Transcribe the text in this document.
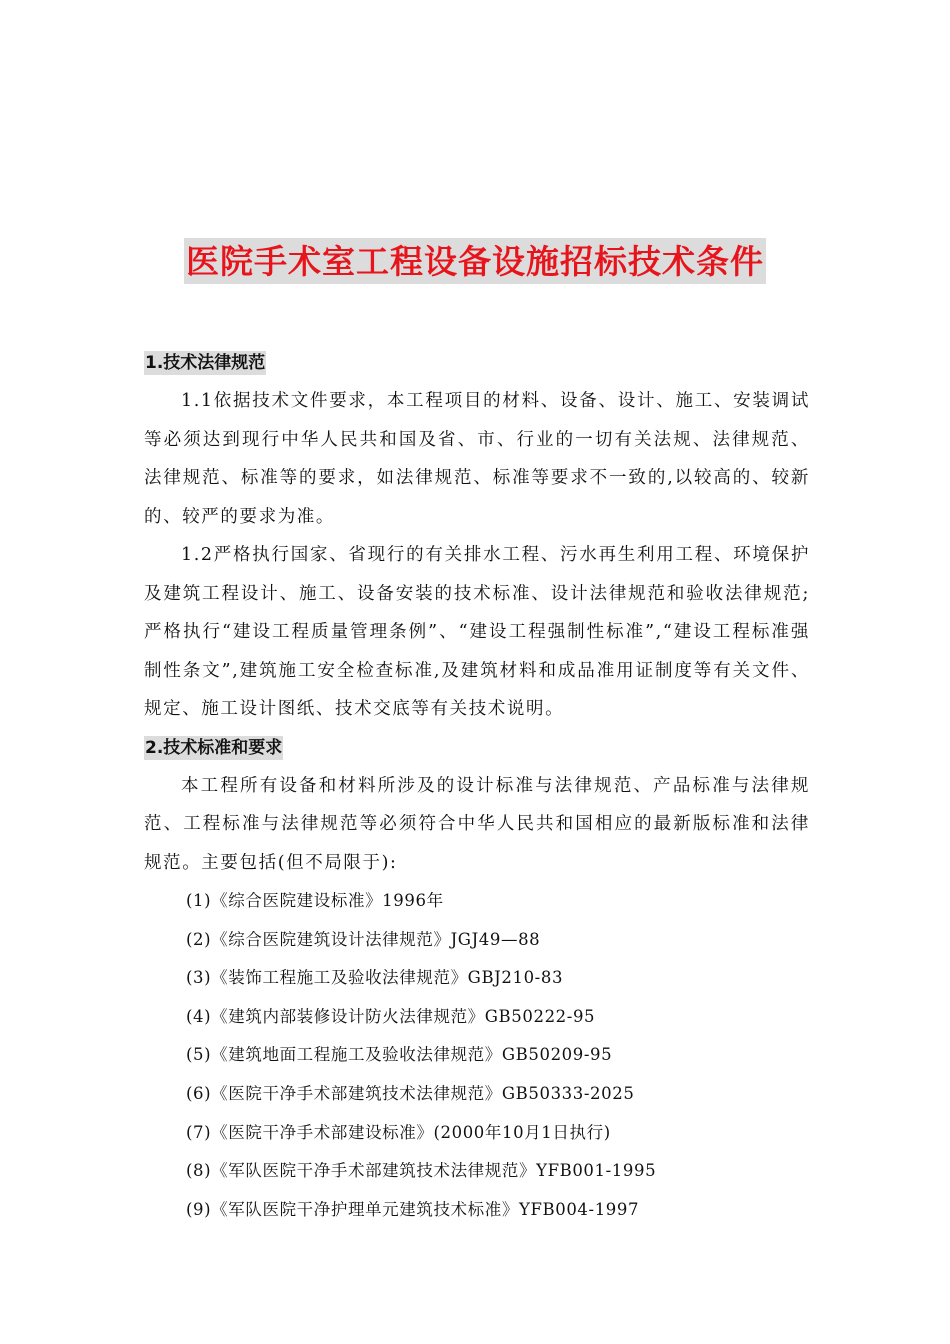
医院手术室工程设备设施招标技术条件
1.技术法律规范

1.1依据技术文件要求，本工程项目的材料、设备、设计、施工、安装调试等必须达到现行中华人民共和国及省、市、行业的一切有关法规、法律规范、法律规范、标准等的要求，如法律规范、标准等要求不一致的,以较高的、较新的、较严的要求为准。

1.2严格执行国家、省现行的有关排水工程、污水再生利用工程、环境保护及建筑工程设计、施工、设备安装的技术标准、设计法律规范和验收法律规范;严格执行“建设工程质量管理条例”、“建设工程强制性标准”,“建设工程标准强制性条文”,建筑施工安全检查标准,及建筑材料和成品准用证制度等有关文件、规定、施工设计图纸、技术交底等有关技术说明。

2.技术标准和要求

本工程所有设备和材料所涉及的设计标准与法律规范、产品标准与法律规范、工程标准与法律规范等必须符合中华人民共和国相应的最新版标准和法律规范。主要包括(但不局限于):

(1)《综合医院建设标准》1996年
(2)《综合医院建筑设计法律规范》JGJ49—88
(3)《装饰工程施工及验收法律规范》GBJ210-83
(4)《建筑内部装修设计防火法律规范》GB50222-95
(5)《建筑地面工程施工及验收法律规范》GB50209-95
(6)《医院干净手术部建筑技术法律规范》GB50333-2025
(7)《医院干净手术部建设标准》(2000年10月1日执行)
(8)《军队医院干净手术部建筑技术法律规范》YFB001-1995
(9)《军队医院干净护理单元建筑技术标准》YFB004-1997
